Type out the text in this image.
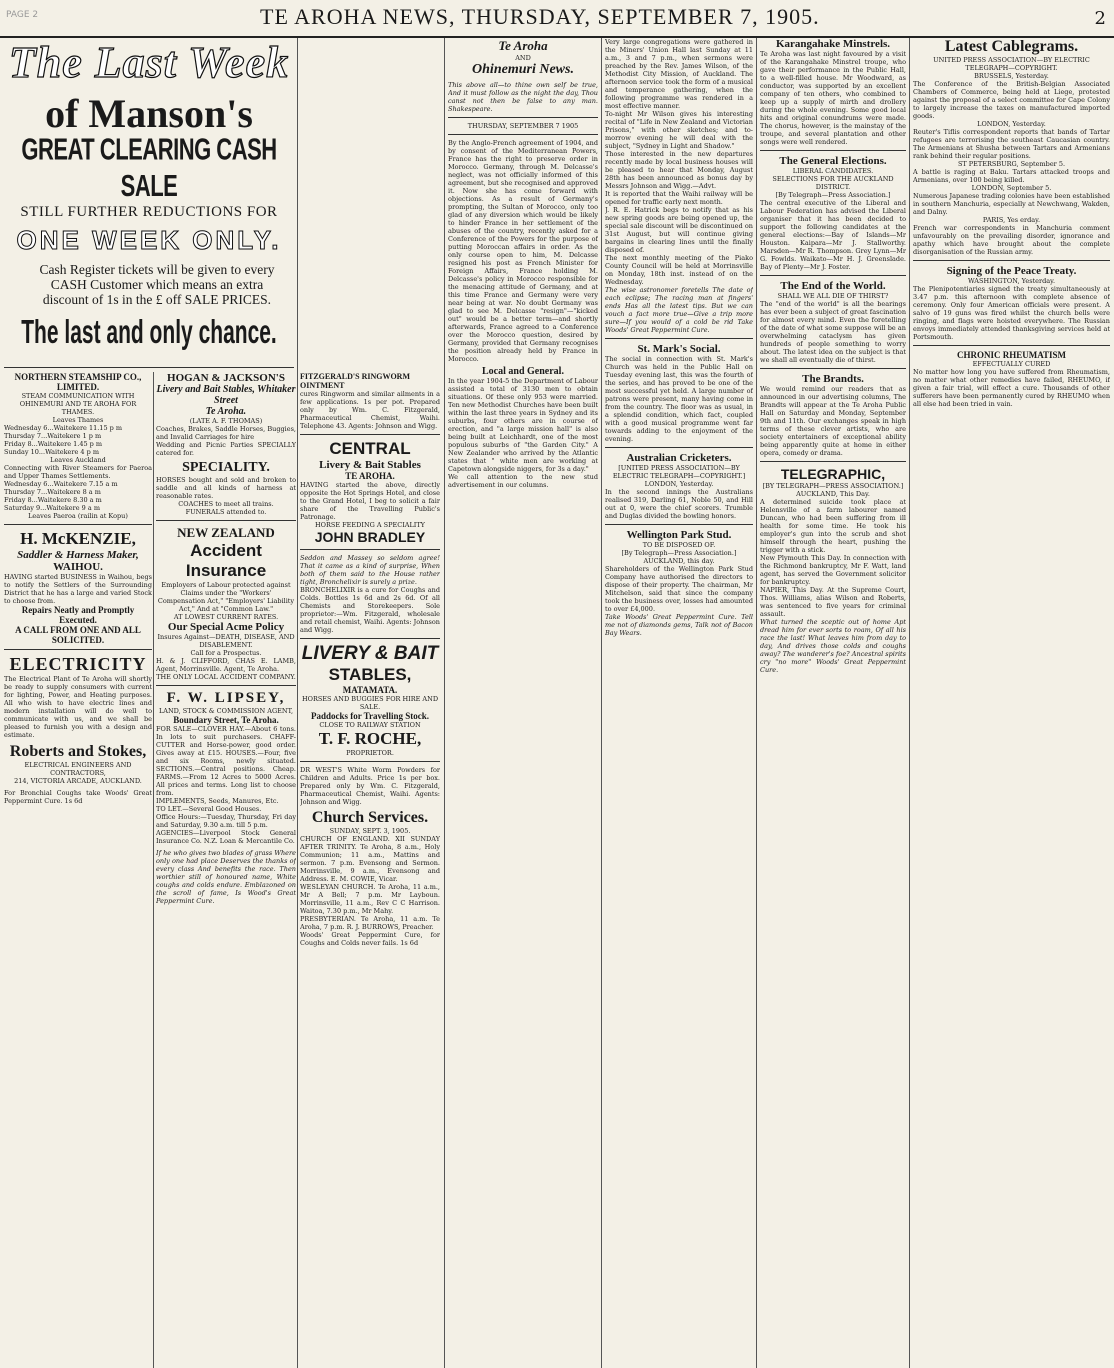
PAGE 2	TE AROHA NEWS, THURSDAY, SEPTEMBER 7, 1905.	2
The Last Week
of Manson's
GREAT CLEARING CASH SALE
STILL FURTHER REDUCTIONS FOR
ONE WEEK ONLY.
Cash Register tickets will be given to every CASH Customer which means an extra discount of 1s in the £ off SALE PRICES.
The last and only chance.
NORTHERN STEAMSHIP CO., LIMITED.
STEAM COMMUNICATION WITH OHINEMURI AND TE AROHA FOR THAMES.
Leaves Thames
Wednesday 6...Waitekere 11.15 p m
Thursday 7...Waitekere 1 p m
Friday 8...Waitekere 1.45 p m
Sunday 10...Waitekere 4 p m
Leaves Auckland
Connecting with River Steamers for Paeroa and Upper Thames Settlements.
Wednesday 6...Waitekere 7.15 a m
Thursday 7...Waitekere 8 a m
Friday 8...Waitekere 8.30 a m
Saturday 9...Waitekere 9 a m
Leaves Paeroa (railin at Kopu)
H. McKENZIE,
Saddler & Harness Maker,
WAIHOU.
HAVING started BUSINESS in Waihou, begs to notify the Settlers of the Surrounding District that he has a large and varied Stock to choose from.
Repairs Neatly and Promptly Executed.
A CALL FROM ONE AND ALL SOLICITED.
ELECTRICITY
The Electrical Plant of Te Aroha will shortly be ready to supply consumers with current for lighting, Power, and Heating purposes. All who wish to have electric lines and modern installation will do well to communicate with us, and we shall be pleased to furnish you with a design and estimate.
Roberts and Stokes,
ELECTRICAL ENGINEERS AND CONTRACTORS,
214, VICTORIA ARCADE, AUCKLAND.
For Bronchial Coughs take Woods' Great Peppermint Cure. 1s 6d
HOGAN & JACKSON'S
Livery and Bait Stables, Whitaker Street
Te Aroha.
(LATE A. F. THOMAS)
Coaches, Brakes, Saddle Horses, Buggies, and Invalid Carriages for hire
Wedding and Picnic Parties SPECIALLY catered for.
SPECIALITY.
HORSES bought and sold and broken to saddle and all kinds of harness at reasonable rates.
COACHES to meet all trains.
FUNERALS attended to.
NEW ZEALAND
Accident Insurance
Employers of Labour protected against Claims under the "Workers' Compensation Act," "Employers' Liability Act," And at "Common Law."
AT LOWEST CURRENT RATES.
Our Special Acme Policy
Insures Against—DEATH, DISEASE, AND DISABLEMENT.
Call for a Prospectus.
H. & J. CLIFFORD, CHAS E. LAMB, Agent, Morrinsville. Agent, Te Aroha.
THE ONLY LOCAL ACCIDENT COMPANY.
F. W. LIPSEY,
LAND, STOCK & COMMISSION AGENT,
Boundary Street, Te Aroha.
FOR SALE—CLOVER HAY.—About 6 tons. In lots to suit purchasers. CHAFF-CUTTER and Horse-power, good order. Gives away at £15. HOUSES.—Four, five and six Rooms, newly situated. SECTIONS.—Central positions. Cheap. FARMS.—From 12 Acres to 5000 Acres. All prices and terms. Long list to choose from.
IMPLEMENTS, Seeds, Manures, Etc.
TO LET.—Several Good Houses.
Office Hours:—Tuesday, Thursday, Fri day and Saturday, 9.30 a.m. till 5 p.m.
AGENCIES—Liverpool Stock General Insurance Co. N.Z. Loan & Mercantile Co.
If he who gives two blades of grass Where only one had place Deserves the thanks of every class And benefits the race. Then worthier still of honoured name, White coughs and colds endure. Emblazoned on the scroll of fame, Is Wood's Great Peppermint Cure.
FITZGERALD'S RINGWORM OINTMENT
cures Ringworm and similar ailments in a few applications. 1s per pot. Prepared only by Wm. C. Fitzgerald, Pharmaceutical Chemist, Waihi. Telephone 43. Agents: Johnson and Wigg.
CENTRAL
Livery & Bait Stables
TE AROHA.
HAVING started the above, directly opposite the Hot Springs Hotel, and close to the Grand Hotel, I beg to solicit a fair share of the Travelling Public's Patronage.
HORSE FEEDING A SPECIALITY
JOHN BRADLEY
Seddon and Massey so seldom agree! That it came as a kind of surprise, When both of them said to the House rather tight, Bronchelixir is surely a prize.
BRONCHELIXIR is a cure for Coughs and Colds. Bottles 1s 6d and 2s 6d. Of all Chemists and Storekeepers. Sole proprietor:—Wm. Fitzgerald, wholesale and retail chemist, Waihi. Agents: Johnson and Wigg.
LIVERY & BAIT
STABLES,
MATAMATA.
HORSES AND BUGGIES FOR HIRE AND SALE.
Paddocks for Travelling Stock.
CLOSE TO RAILWAY STATION
T. F. ROCHE,
PROPRIETOR.
DR WEST'S White Worm Powders for Children and Adults. Price 1s per box. Prepared only by Wm. C. Fitzgerald, Pharmaceutical Chemist, Waihi. Agents: Johnson and Wigg.
Church Services.
SUNDAY, SEPT. 3, 1905.
CHURCH OF ENGLAND. XII SUNDAY AFTER TRINITY. Te Aroha, 8 a.m., Holy Communion; 11 a.m., Mattins and sermon. 7 p.m. Evensong and Sermon. Morrinsville, 9 a.m., Evensong and Address. E. M. COWIE, Vicar.
WESLEYAN CHURCH. Te Aroha, 11 a.m., Mr A Bell; 7 p.m. Mr Layboun. Morrinsville, 11 a.m., Rev C C Harrison. Waitoa, 7.30 p.m., Mr Mahy.
PRESBYTERIAN. Te Aroha, 11 a.m. Te Aroha, 7 p.m. R. J. BURROWS, Preacher.
Woods' Great Peppermint Cure, for Coughs and Colds never fails. 1s 6d
Te Aroha
AND
Ohinemuri News.
This above all—to thine own self be true, And it must follow as the night the day, Thou canst not then be false to any man. Shakespeare.
THURSDAY, SEPTEMBER 7 1905
By the Anglo-French agreement of 1904, and by consent of the Mediterranean Powers, France has the right to preserve order in Morocco. Germany, through M. Delcasse's neglect, was not officially informed of this agreement, but she recognised and approved it. Now she has come forward with objections. As a result of Germany's prompting, the Sultan of Morocco, only too glad of any diversion which would be likely to hinder France in her settlement of the abuses of the country, recently asked for a Conference of the Powers for the purpose of putting Moroccan affairs in order. As the only course open to him, M. Delcasse resigned his post as French Minister for Foreign Affairs, France holding M. Delcasse's policy in Morocco responsible for the menacing attitude of Germany, and at this time France and Germany were very near being at war. No doubt Germany was glad to see M. Delcasse "resign"—"kicked out" would be a better term—and shortly afterwards, France agreed to a Conference over the Morocco question, desired by Germany, provided that Germany recognises the position already held by France in Morocco.
Local and General.
In the year 1904-5 the Department of Labour assisted a total of 3130 men to obtain situations. Of these only 953 were married. Ten new Methodist Churches have been built within the last three years in Sydney and its suburbs, four others are in course of erection, and "a large mission hall" is also being built at Leichhardt, one of the most populous suburbs of "the Garden City." A New Zealander who arrived by the Atlantic states that " white men are working at Capetown alongside niggers, for 3s a day."
We call attention to the new stud advertisement in our columns.
Very large congregations were gathered in the Miners' Union Hall last Sunday at 11 a.m., 3 and 7 p.m., when sermons were preached by the Rev. James Wilson, of the Methodist City Mission, of Auckland. The afternoon service took the form of a musical and temperance gathering, when the following programme was rendered in a most effective manner.
To-night Mr Wilson gives his interesting recital of "Life in New Zealand and Victorian Prisons," with other sketches; and to-morrow evening he will deal with the subject, "Sydney in Light and Shadow."
Those interested in the new departures recently made by local business houses will be pleased to hear that Monday, August 28th has been announced as bonus day by Messrs Johnson and Wigg.—Advt.
It is reported that the Waihi railway will be opened for traffic early next month.
J. R. E. Hatrick begs to notify that as his new spring goods are being opened up, the special sale discount will be discontinued on 31st August, but will continue giving bargains in clearing lines until the finally disposed of.
The next monthly meeting of the Piako County Council will be held at Morrinsville on Monday, 18th inst. instead of on the Wednesday.
The wise astronomer foretells The date of each eclipse; The racing man at fingers' ends Has all the latest tips. But we can vouch a fact more true—Give a trip more sure—If you would of a cold be rid Take Woods' Great Peppermint Cure.
St. Mark's Social.
The social in connection with St. Mark's Church was held in the Public Hall on Tuesday evening last, this was the fourth of the series, and has proved to be one of the most successful yet held. A large number of patrons were present, many having come in from the country. The floor was as usual, in a splendid condition, which fact, coupled with a good musical programme went far towards adding to the enjoyment of the evening.
Australian Cricketers.
[UNITED PRESS ASSOCIATION—BY ELECTRIC TELEGRAPH—COPYRIGHT.]
LONDON, Yesterday.
In the second innings the Australians realised 319, Darling 61, Noble 50, and Hill out at 0, were the chief scorers. Trumble and Duglas divided the bowling honors.
Wellington Park Stud.
TO BE DISPOSED OF.
[By Telegraph—Press Association.]
AUCKLAND, this day.
Shareholders of the Wellington Park Stud Company have authorised the directors to dispose of their property. The chairman, Mr Mitchelson, said that since the company took the business over, losses had amounted to over £4,000.
Take Woods' Great Peppermint Cure. Tell me not of diamonds gems, Talk not of Bacon Bay Wears.
Karangahake Minstrels.
Te Aroha was last night favoured by a visit of the Karangahake Minstrel troupe, who gave their performance in the Public Hall, to a well-filled house. Mr Woodward, as conductor, was supported by an excellent company of ten others, who combined to keep up a supply of mirth and drollery during the whole evening. Some good local hits and original conundrums were made. The chorus, however, is the mainstay of the troupe, and several plantation and other songs were well rendered.
The General Elections.
LIBERAL CANDIDATES.
SELECTIONS FOR THE AUCKLAND DISTRICT.
[By Telegraph—Press Association.]
The central executive of the Liberal and Labour Federation has advised the Liberal organiser that it has been decided to support the following candidates at the general elections:—Bay of Islands—Mr Houston. Kaipara—Mr J. Stallworthy. Marsden—Mr R. Thompson. Grey Lynn—Mr G. Fowlds. Waikato—Mr H. J. Greenslade. Bay of Plenty—Mr J. Foster.
The End of the World.
SHALL WE ALL DIE OF THIRST?
The "end of the world" is all the bearings has ever been a subject of great fascination for almost every mind. Even the foretelling of the date of what some suppose will be an overwhelming cataclysm has given hundreds of people something to worry about. The latest idea on the subject is that we shall all eventually die of thirst.
The Brandts.
We would remind our readers that as announced in our advertising columns, The Brandts will appear at the Te Aroha Public Hall on Saturday and Monday, September 9th and 11th. Our exchanges speak in high terms of these clever artists, who are society entertainers of exceptional ability being apparently quite at home in either opera, comedy or drama.
TELEGRAPHIC,
[BY TELEGRAPH—PRESS ASSOCIATION.]
AUCKLAND, This Day.
A determined suicide took place at Helensville of a farm labourer named Duncan, who had been suffering from ill health for some time. He took his employer's gun into the scrub and shot himself through the heart, pushing the trigger with a stick.
New Plymouth This Day. In connection with the Richmond bankruptcy, Mr F. Watt, land agent, has served the Government solicitor for bankruptcy.
NAPIER, This Day. At the Supreme Court, Thos. Williams, alias Wilson and Roberts, was sentenced to five years for criminal assault.
What turned the sceptic out of home Apt dread him for ever sorts to roam, Of all his race the last! What leaves him from day to day, And drives those colds and coughs away? The wanderer's foe? Ancestral spirits cry "no more" Woods' Great Peppermint Cure.
Latest Cablegrams.
UNITED PRESS ASSOCIATION—BY ELECTRIC TELEGRAPH—COPYRIGHT.
BRUSSELS, Yesterday.
The Conference of the British-Belgian Associated Chambers of Commerce, being held at Liege, protested against the proposal of a select committee for Cape Colony to largely increase the taxes on manufactured imported goods.
LONDON, Yesterday.
Reuter's Tiflis correspondent reports that bands of Tartar refugees are terrorising the southeast Caucasian country. The Armenians at Shusha between Tartars and Armenians rank behind their regular positions.
ST PETERSBURG, September 5.
A battle is raging at Baku. Tartars attacked troops and Armenians, over 100 being killed.
LONDON, September 5.
Numerous Japanese trading colonies have been established in southern Manchuria, especially at Newchwang, Wakden, and Dalny.
PARIS, Yes erday.
French war correspondents in Manchuria comment unfavourably on the prevailing disorder, ignorance and apathy which have brought about the complete disorganisation of the Russian army.
Signing of the Peace Treaty.
WASHINGTON, Yesterday.
The Plenipotentiaries signed the treaty simultaneously at 3.47 p.m. this afternoon with complete absence of ceremony. Only four American officials were present. A salvo of 19 guns was fired whilst the church bells were ringing, and flags were hoisted everywhere. The Russian envoys immediately attended thanksgiving services held at Portsmouth.
CHRONIC RHEUMATISM
EFFECTUALLY CURED
No matter how long you have suffered from Rheumatism, no matter what other remedies have failed, RHEUMO, if given a fair trial, will effect a cure. Thousands of other sufferers have been permanently cured by RHEUMO when all else had been tried in vain.
